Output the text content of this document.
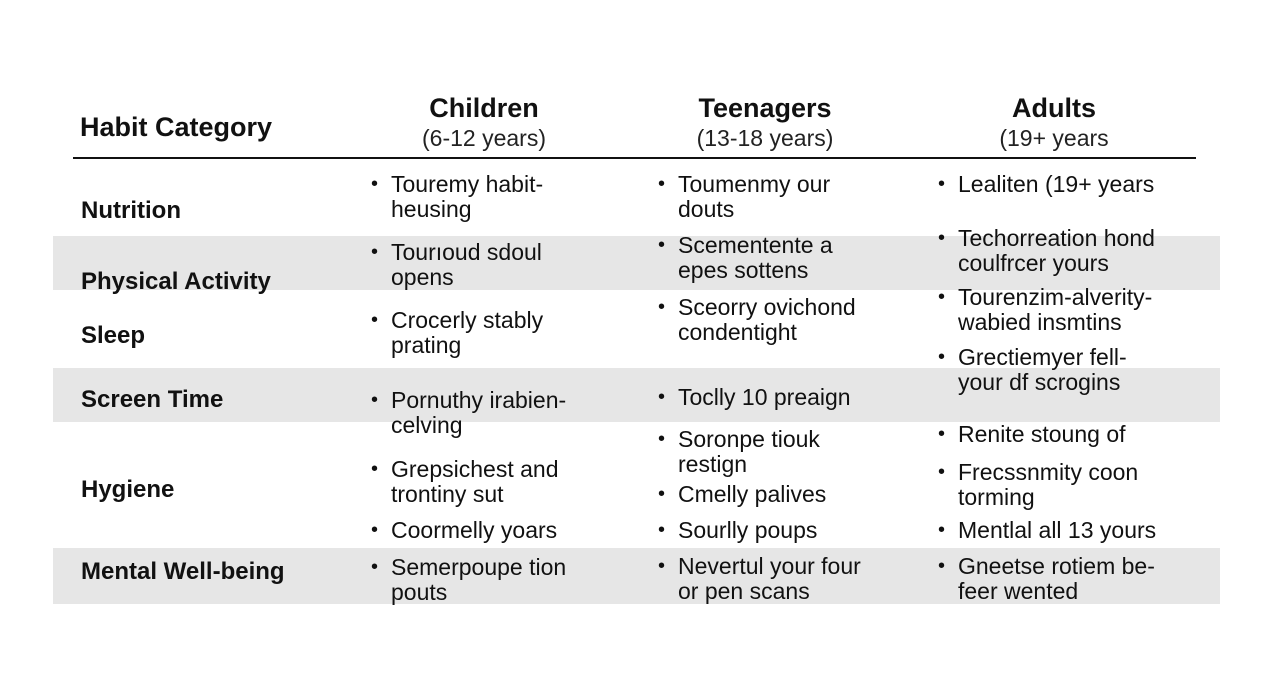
Habit Category
Children
(6-12 years)
Teenagers
(13-18 years)
Adults
(19+ years
Nutrition
Physical Activity
Sleep
Screen Time
Hygiene
Mental Well-being
• Touremy habit-
heusing
• Tourıoud sdoul
opens
• Crocerly stably
prating
• Pornuthy irabien-
celving
• Grepsichest and
trontiny sut
• Coormelly yoars
• Semerpoupe tion
pouts
• Toumenmy our
douts
• Scementente a
epes sottens
• Sceorry ovichond
condentight
• Toclly 10 preaign
• Soronpe tiouk
restign
• Cmelly palives
• Sourlly poups
• Nevertul your four
or pen scans
• Lealiten (19+ years
• Techorreation hond
coulfrcer yours
• Tourenzim-alverity-
wabied insmtins
• Grectiemyer fell-
your df scrogins
• Renite stoung of
• Frecssnmity coon
torming
• Mentlal all 13 yours
• Gneetse rotiem be-
feer wented
